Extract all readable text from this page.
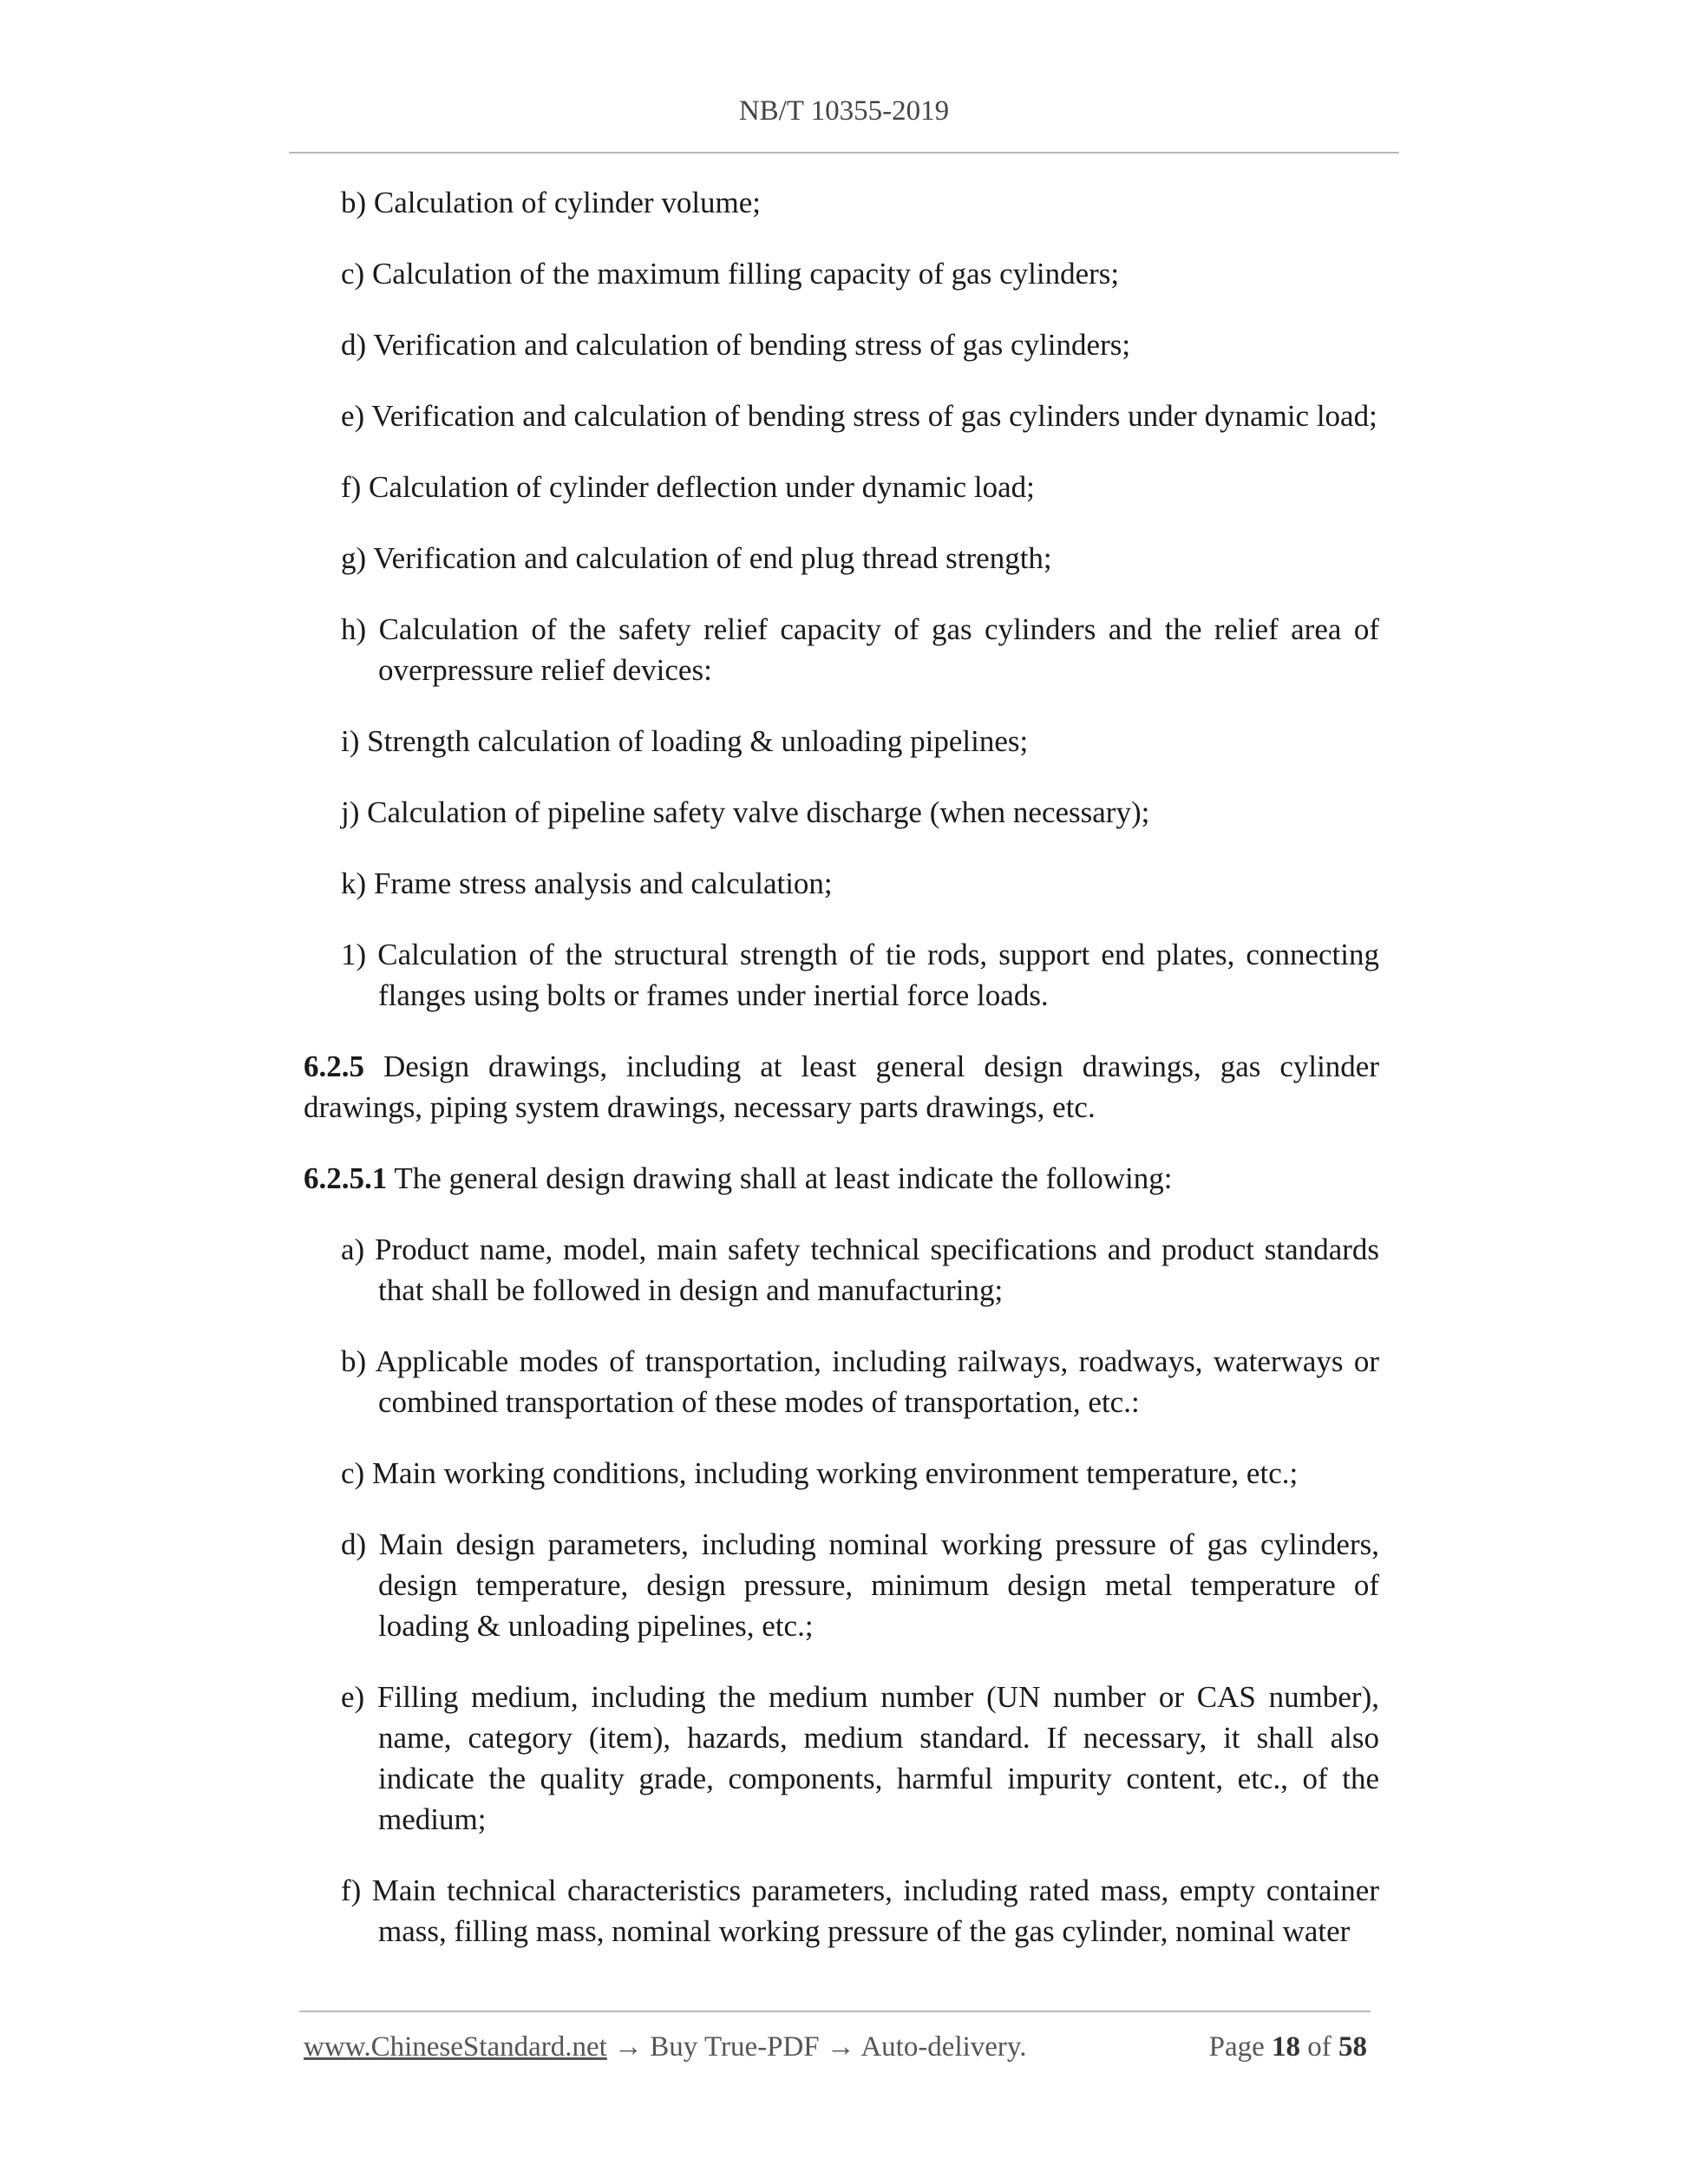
NB/T 10355-2019
b) Calculation of cylinder volume;
c) Calculation of the maximum filling capacity of gas cylinders;
d) Verification and calculation of bending stress of gas cylinders;
e) Verification and calculation of bending stress of gas cylinders under dynamic load;
f) Calculation of cylinder deflection under dynamic load;
g) Verification and calculation of end plug thread strength;
h) Calculation of the safety relief capacity of gas cylinders and the relief area of overpressure relief devices:
i) Strength calculation of loading & unloading pipelines;
j) Calculation of pipeline safety valve discharge (when necessary);
k) Frame stress analysis and calculation;
1) Calculation of the structural strength of tie rods, support end plates, connecting flanges using bolts or frames under inertial force loads.
6.2.5 Design drawings, including at least general design drawings, gas cylinder drawings, piping system drawings, necessary parts drawings, etc.
6.2.5.1 The general design drawing shall at least indicate the following:
a) Product name, model, main safety technical specifications and product standards that shall be followed in design and manufacturing;
b) Applicable modes of transportation, including railways, roadways, waterways or combined transportation of these modes of transportation, etc.:
c) Main working conditions, including working environment temperature, etc.;
d) Main design parameters, including nominal working pressure of gas cylinders, design temperature, design pressure, minimum design metal temperature of loading & unloading pipelines, etc.;
e) Filling medium, including the medium number (UN number or CAS number), name, category (item), hazards, medium standard. If necessary, it shall also indicate the quality grade, components, harmful impurity content, etc., of the medium;
f) Main technical characteristics parameters, including rated mass, empty container mass, filling mass, nominal working pressure of the gas cylinder, nominal water
www.ChineseStandard.net → Buy True-PDF → Auto-delivery.	Page 18 of 58
